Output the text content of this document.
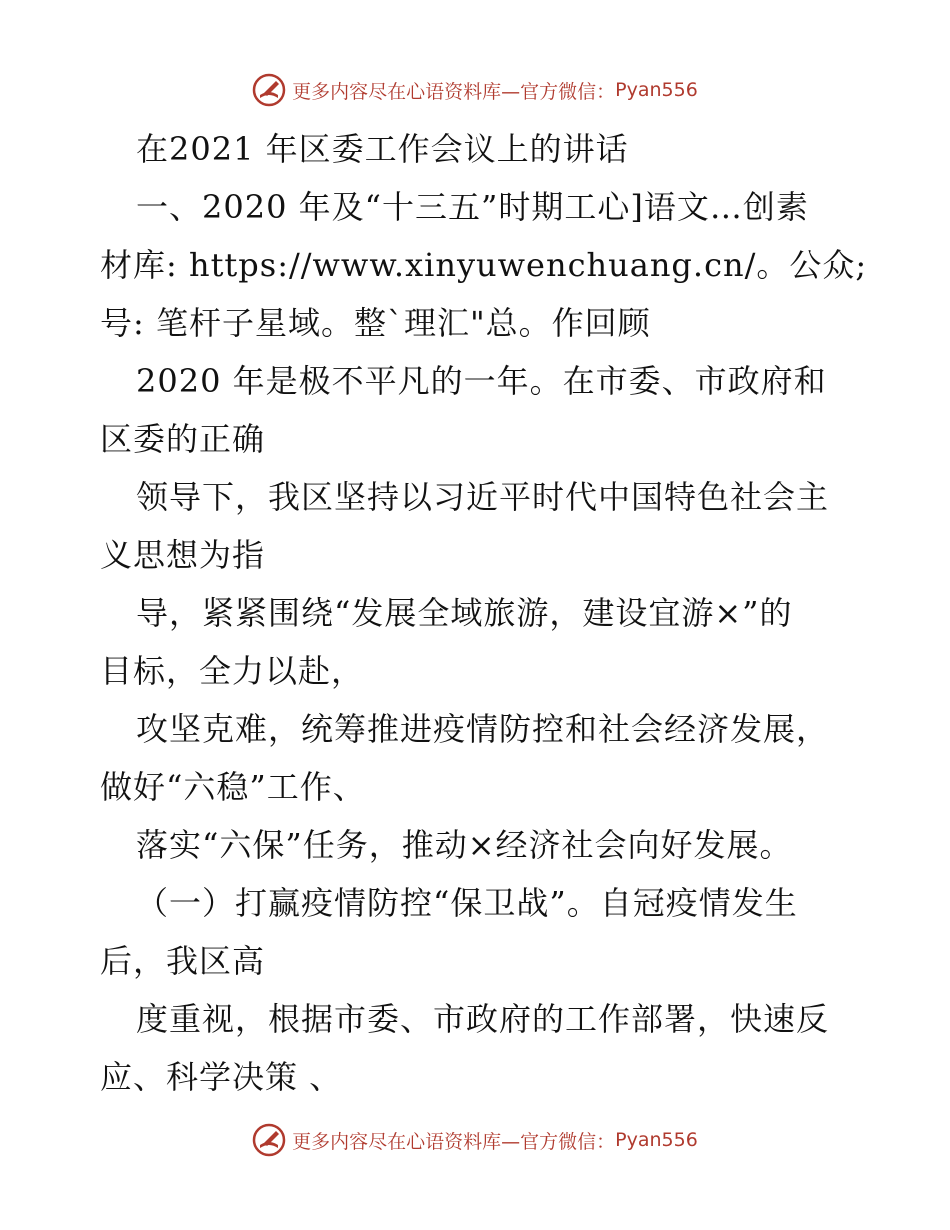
更多内容尽在心语资料库—官方微信： Pyan556
在2021 年区委工作会议上的讲话
一、2020 年及“十三五”时期工心]语文…创素
材库: https://www.xinyuwenchuang.cn/。公众;
号: 笔杆子星域。整`理汇"总。作回顾
2020 年是极不平凡的一年。在市委、市政府和
区委的正确
领导下，我区坚持以习近平时代中国特色社会主
义思想为指
导，紧紧围绕“发展全域旅游，建设宜游×”的
目标，全力以赴，
攻坚克难，统筹推进疫情防控和社会经济发展，
做好“六稳”工作、
落实“六保”任务，推动×经济社会向好发展。
（一）打赢疫情防控“保卫战”。自冠疫情发生
后，我区高
度重视，根据市委、市政府的工作部署，快速反
应、科学决策 、
更多内容尽在心语资料库—官方微信： Pyan556
